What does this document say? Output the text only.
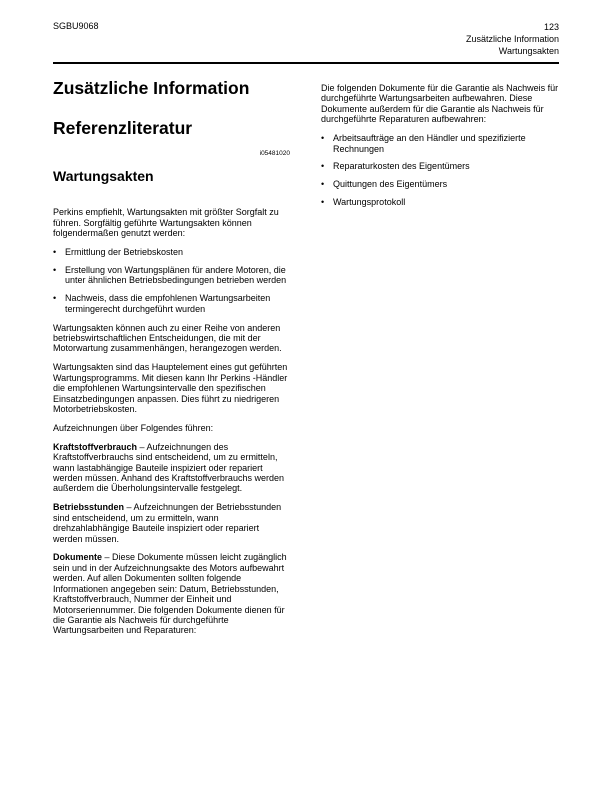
SGBU9068	123
Zusätzliche Information
Wartungsakten
Zusätzliche Information
Referenzliteratur
i05481020
Wartungsakten

Perkins empfiehlt, Wartungsakten mit größter Sorgfalt zu führen. Sorgfältig geführte Wartungsakten können folgendermaßen genutzt werden:

• Ermittlung der Betriebskosten
• Erstellung von Wartungsplänen für andere Motoren, die unter ähnlichen Betriebsbedingungen betrieben werden
• Nachweis, dass die empfohlenen Wartungsarbeiten termingerecht durchgeführt wurden

Wartungsakten können auch zu einer Reihe von anderen betriebswirtschaftlichen Entscheidungen, die mit der Motorwartung zusammenhängen, herangezogen werden.

Wartungsakten sind das Hauptelement eines gut geführten Wartungsprogramms. Mit diesen kann Ihr Perkins -Händler die empfohlenen Wartungsintervalle den spezifischen Einsatzbedingungen anpassen. Dies führt zu niedrigeren Motorbetriebskosten.

Aufzeichnungen über Folgendes führen:

Kraftstoffverbrauch – Aufzeichnungen des Kraftstoffverbrauchs sind entscheidend, um zu ermitteln, wann lastabhängige Bauteile inspiziert oder repariert werden müssen. Anhand des Kraftstoffverbrauchs werden außerdem die Überholungsintervalle festgelegt.

Betriebsstunden – Aufzeichnungen der Betriebsstunden sind entscheidend, um zu ermitteln, wann drehzahlabhängige Bauteile inspiziert oder repariert werden müssen.

Dokumente – Diese Dokumente müssen leicht zugänglich sein und in der Aufzeichnungsakte des Motors aufbewahrt werden. Auf allen Dokumenten sollten folgende Informationen angegeben sein: Datum, Betriebsstunden, Kraftstoffverbrauch, Nummer der Einheit und Motorseriennummer. Die folgenden Dokumente dienen für die Garantie als Nachweis für durchgeführte Wartungsarbeiten und Reparaturen:

Die folgenden Dokumente für die Garantie als Nachweis für durchgeführte Wartungsarbeiten aufbewahren. Diese Dokumente außerdem für die Garantie als Nachweis für durchgeführte Reparaturen aufbewahren:

• Arbeitsaufträge an den Händler und spezifizierte Rechnungen
• Reparaturkosten des Eigentümers
• Quittungen des Eigentümers
• Wartungsprotokoll
